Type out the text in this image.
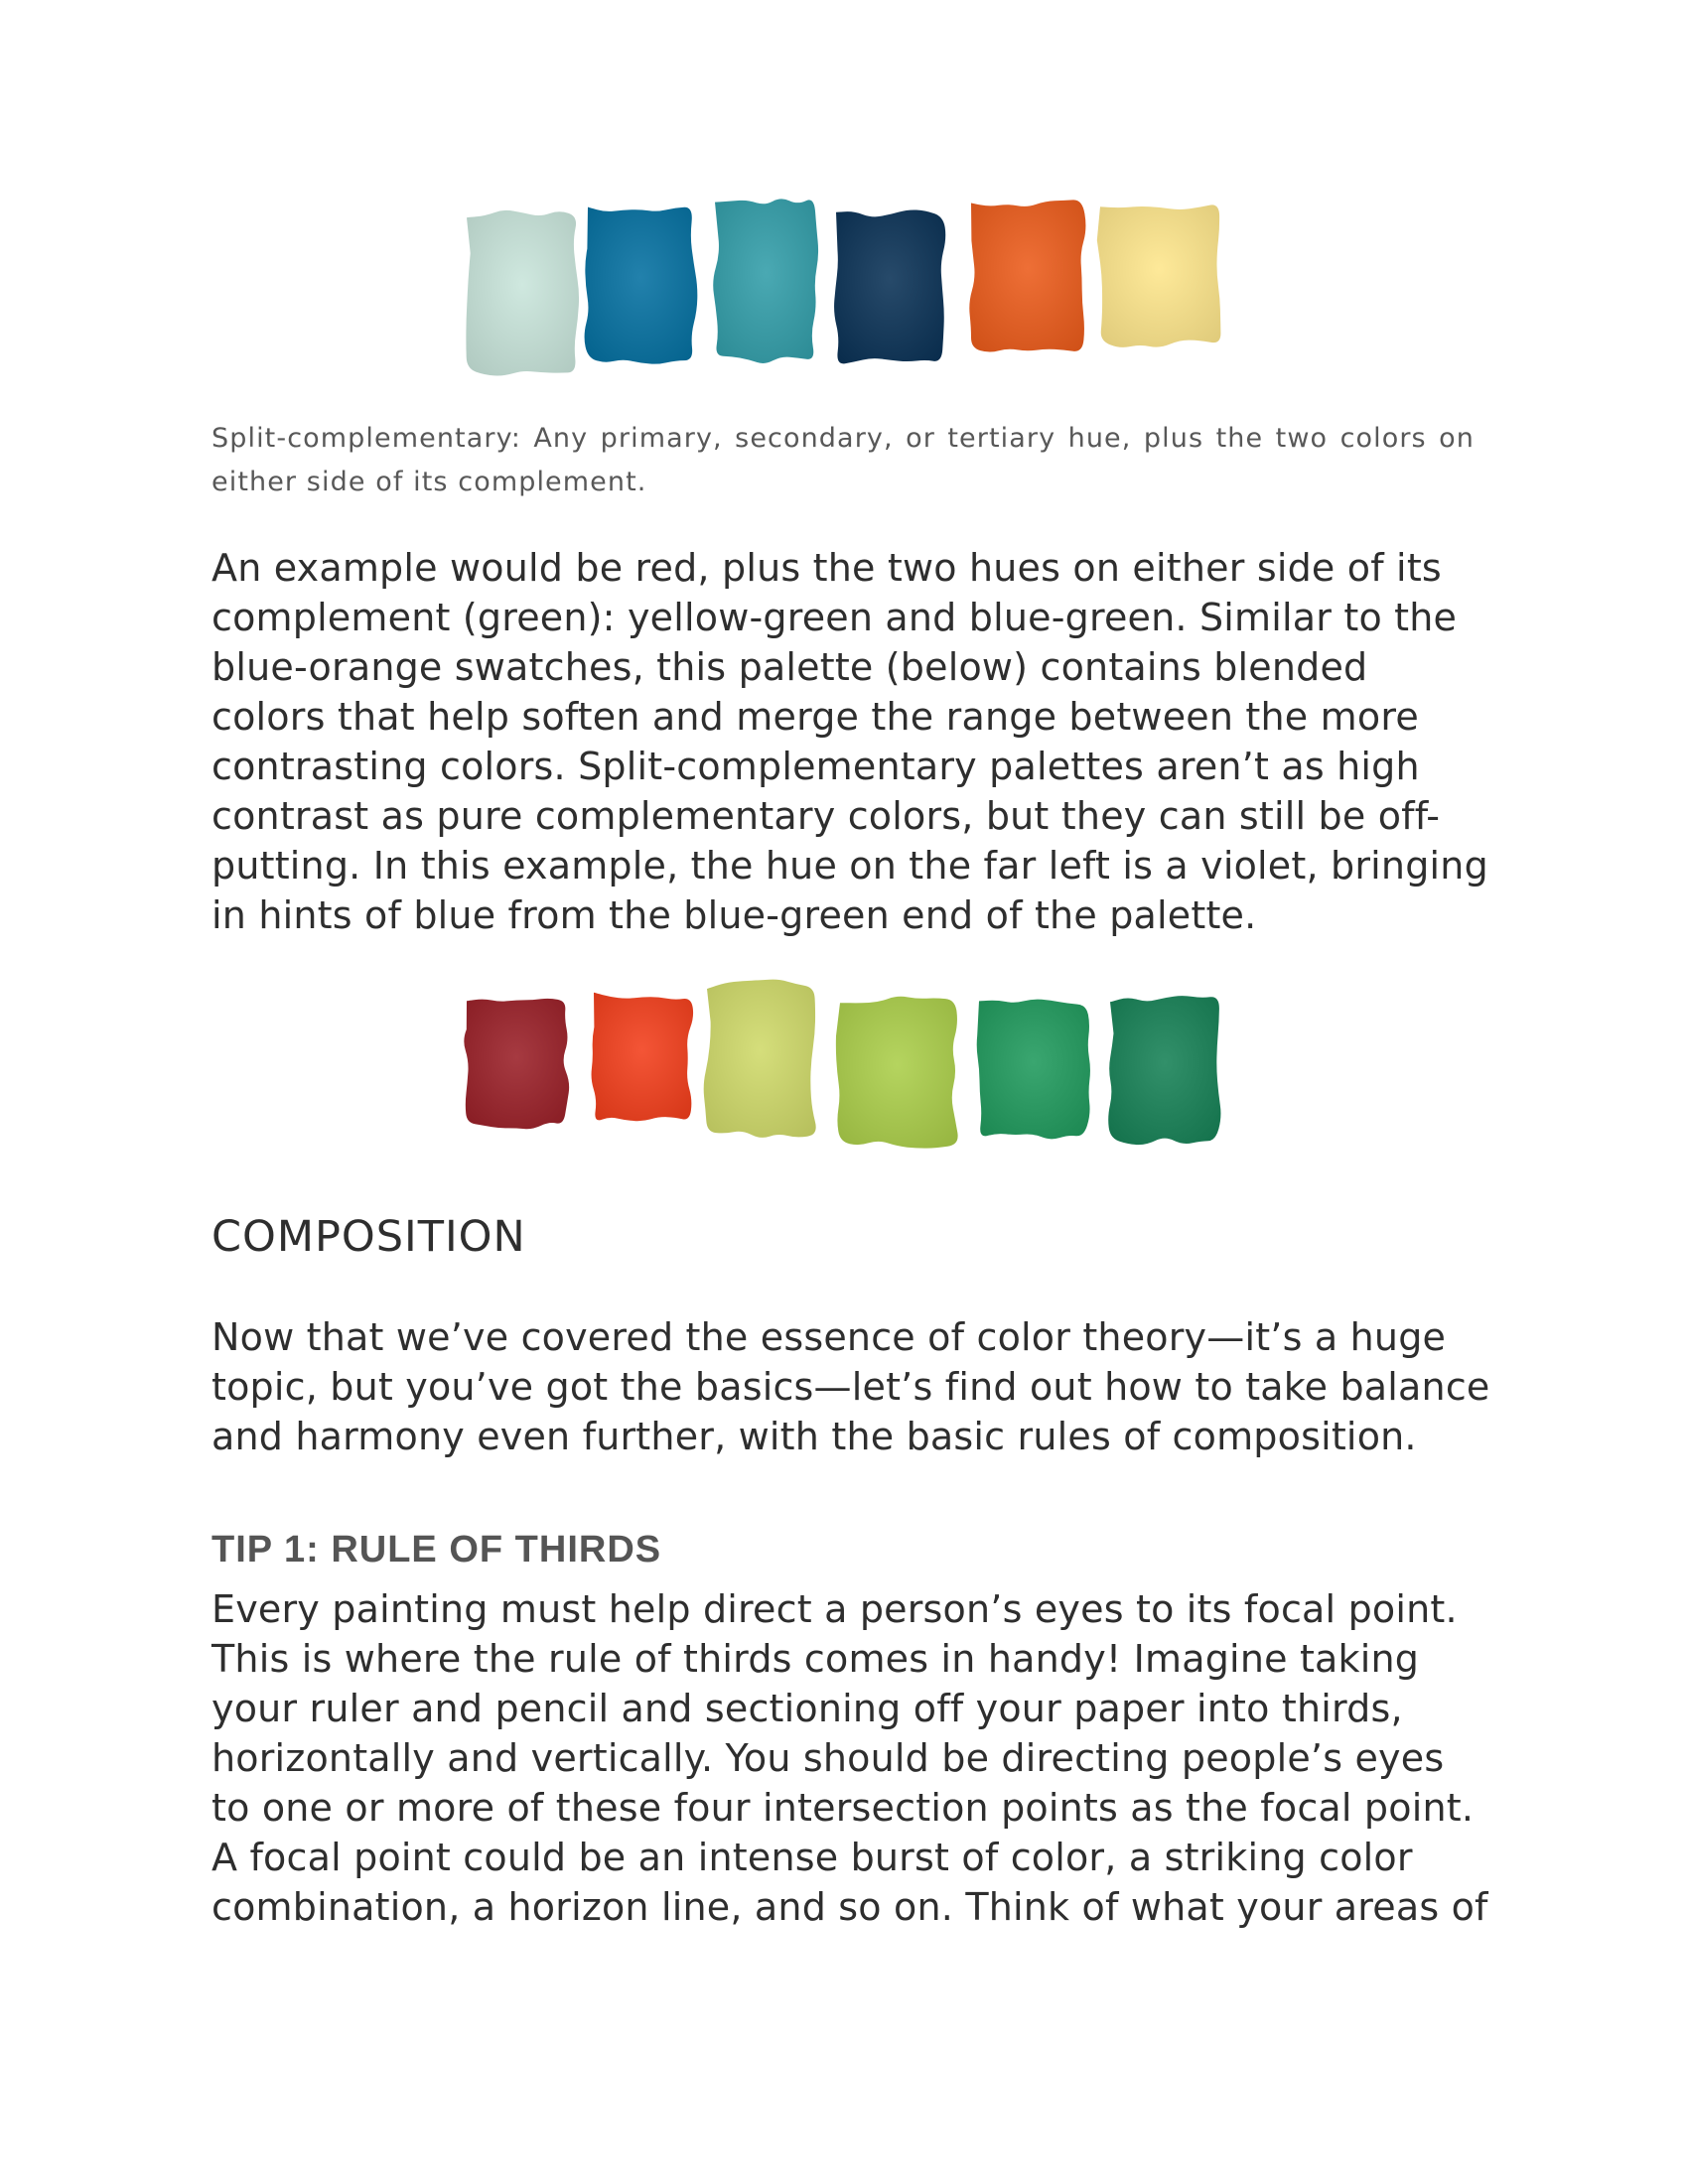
Split-complementary: Any primary, secondary, or tertiary hue, plus the two colors on either side of its complement.

An example would be red, plus the two hues on either side of its complement (green): yellow-green and blue-green. Similar to the blue-orange swatches, this palette (below) contains blended colors that help soften and merge the range between the more contrasting colors. Split-complementary palettes aren’t as high contrast as pure complementary colors, but they can still be off-putting. In this example, the hue on the far left is a violet, bringing in hints of blue from the blue-green end of the palette.

COMPOSITION

Now that we’ve covered the essence of color theory—it’s a huge topic, but you’ve got the basics—let’s find out how to take balance and harmony even further, with the basic rules of composition.

TIP 1: RULE OF THIRDS

Every painting must help direct a person’s eyes to its focal point. This is where the rule of thirds comes in handy! Imagine taking your ruler and pencil and sectioning off your paper into thirds, horizontally and vertically. You should be directing people’s eyes to one or more of these four intersection points as the focal point. A focal point could be an intense burst of color, a striking color combination, a horizon line, and so on. Think of what your areas of
